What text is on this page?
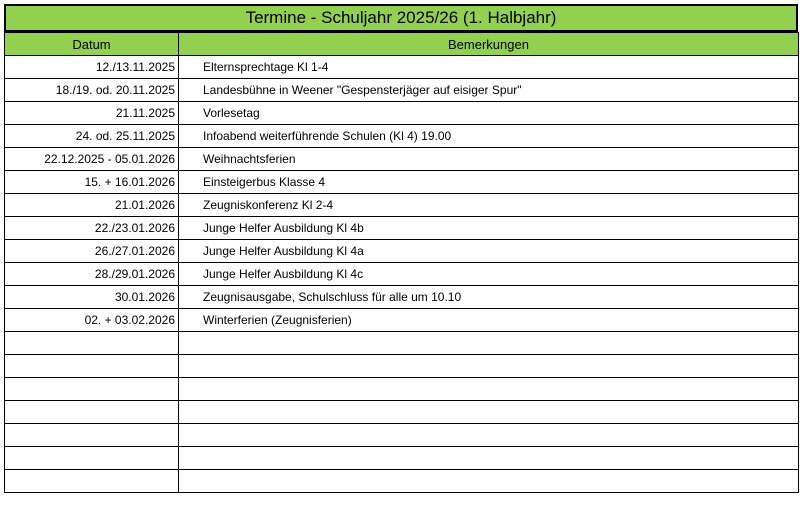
Termine - Schuljahr 2025/26 (1. Halbjahr)
Datum	Bemerkungen
12./13.11.2025	Elternsprechtage Kl 1-4
18./19. od. 20.11.2025	Landesbühne in Weener "Gespensterjäger auf eisiger Spur"
21.11.2025	Vorlesetag
24. od. 25.11.2025	Infoabend weiterführende Schulen (Kl 4) 19.00
22.12.2025 - 05.01.2026	Weihnachtsferien
15. + 16.01.2026	Einsteigerbus Klasse 4
21.01.2026	Zeugniskonferenz Kl 2-4
22./23.01.2026	Junge Helfer Ausbildung Kl 4b
26./27.01.2026	Junge Helfer Ausbildung Kl 4a
28./29.01.2026	Junge Helfer Ausbildung Kl 4c
30.01.2026	Zeugnisausgabe, Schulschluss für alle um 10.10
02. + 03.02.2026	Winterferien (Zeugnisferien)
